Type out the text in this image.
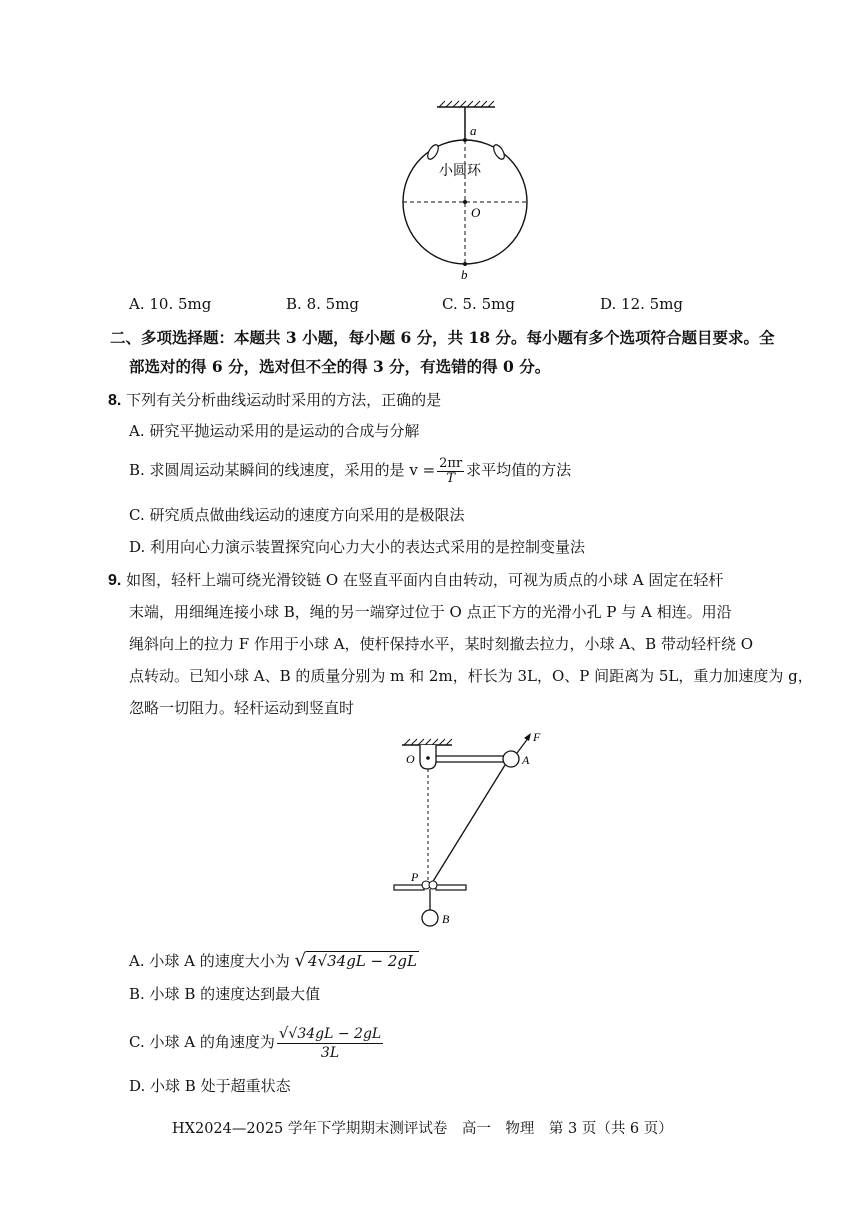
a
O
b
小圆环
A. 10. 5mg	B. 8. 5mg	C. 5. 5mg	D. 12. 5mg
二、多项选择题：本题共 3 小题，每小题 6 分，共 18 分。每小题有多个选项符合题目要求。全
部选对的得 6 分，选对但不全的得 3 分，有选错的得 0 分。
8. 下列有关分析曲线运动时采用的方法，正确的是
A. 研究平抛运动采用的是运动的合成与分解
B. 求圆周运动某瞬间的线速度，采用的是 $v = \frac{2\pi r}{T}$ 求平均值的方法
C. 研究质点做曲线运动的速度方向采用的是极限法
D. 利用向心力演示装置探究向心力大小的表达式采用的是控制变量法
9. 如图，轻杆上端可绕光滑铰链 O 在竖直平面内自由转动，可视为质点的小球 A 固定在轻杆
末端，用细绳连接小球 B，绳的另一端穿过位于 O 点正下方的光滑小孔 P 与 A 相连。用沿
绳斜向上的拉力 F 作用于小球 A，使杆保持水平，某时刻撤去拉力，小球 A、B 带动轻杆绕 O
点转动。已知小球 A、B 的质量分别为 m 和 2m，杆长为 3L，O、P 间距离为 5L，重力加速度为 g，
忽略一切阻力。轻杆运动到竖直时
O	A
F
P
B
A. 小球 A 的速度大小为 √ 4√34gL − 2gL
B. 小球 B 的速度达到最大值
C. 小球 A 的角速度为 $\frac{√√34gL - 2gL}{3L}$
D. 小球 B 处于超重状态
HX2024—2025 学年下学期期末测评试卷　高一　物理　第 3 页（共 6 页）
